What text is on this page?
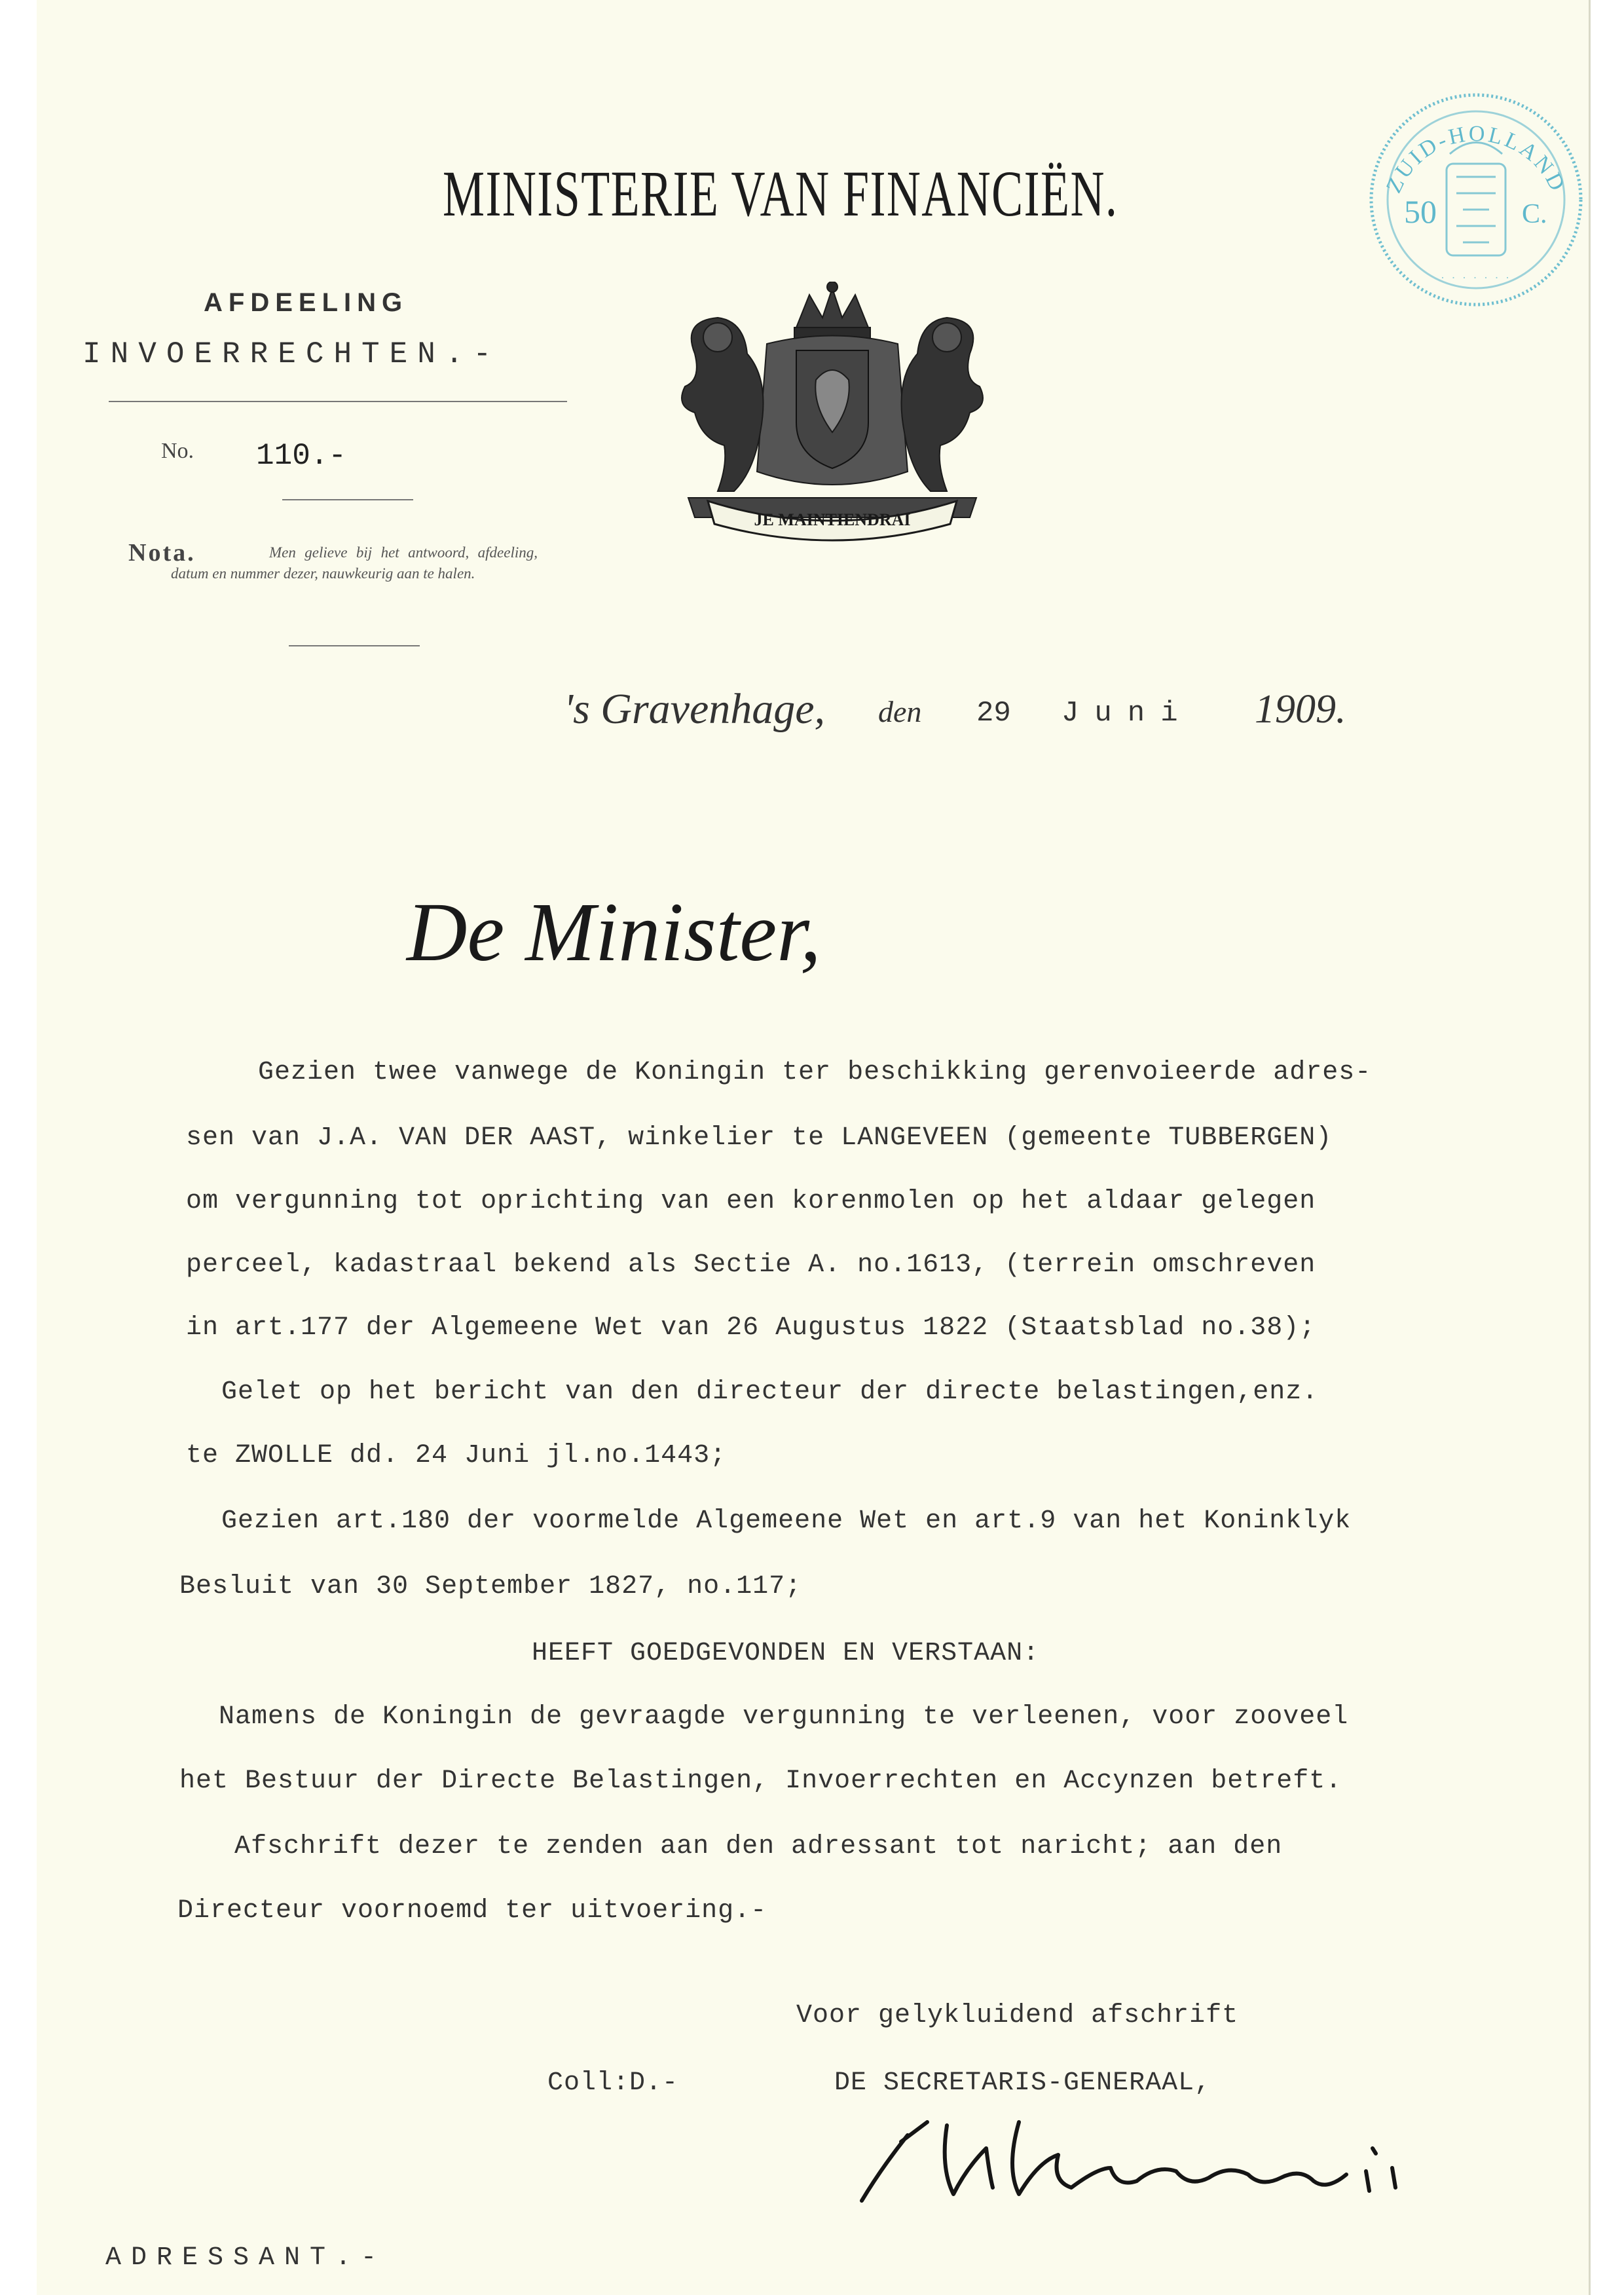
ZUID-HOLLAND
50	C.
· · · · · · ·
MINISTERIE VAN FINANCIËN.
AFDEELING
INVOERRECHTEN.-
No. 110.-
Nota.	Men gelieve bij het antwoord, afdeeling, datum en nummer dezer, nauwkeurig aan te halen.
JE MAINTIENDRAI
's Gravenhage, den 29 Juni 1909.
De Minister,
Gezien twee vanwege de Koningin ter beschikking gerenvoieerde adres-
sen van J.A. VAN DER AAST, winkelier te LANGEVEEN (gemeente TUBBERGEN)
om vergunning tot oprichting van een korenmolen op het aldaar gelegen
perceel, kadastraal bekend als Sectie A. no.1613, (terrein omschreven
in art.177 der Algemeene Wet van 26 Augustus 1822 (Staatsblad no.38);
Gelet op het bericht van den directeur der directe belastingen,enz.
te ZWOLLE dd. 24 Juni jl.no.1443;
Gezien art.180 der voormelde Algemeene Wet en art.9 van het Koninklyk
Besluit van 30 September 1827, no.117;
HEEFT GOEDGEVONDEN EN VERSTAAN:
Namens de Koningin de gevraagde vergunning te verleenen, voor zooveel
het Bestuur der Directe Belastingen, Invoerrechten en Accynzen betreft.
Afschrift dezer te zenden aan den adressant tot naricht; aan den
Directeur voornoemd ter uitvoering.-
Voor gelykluidend afschrift
Coll:D.-	DE SECRETARIS-GENERAAL,
ADRESSANT.-
